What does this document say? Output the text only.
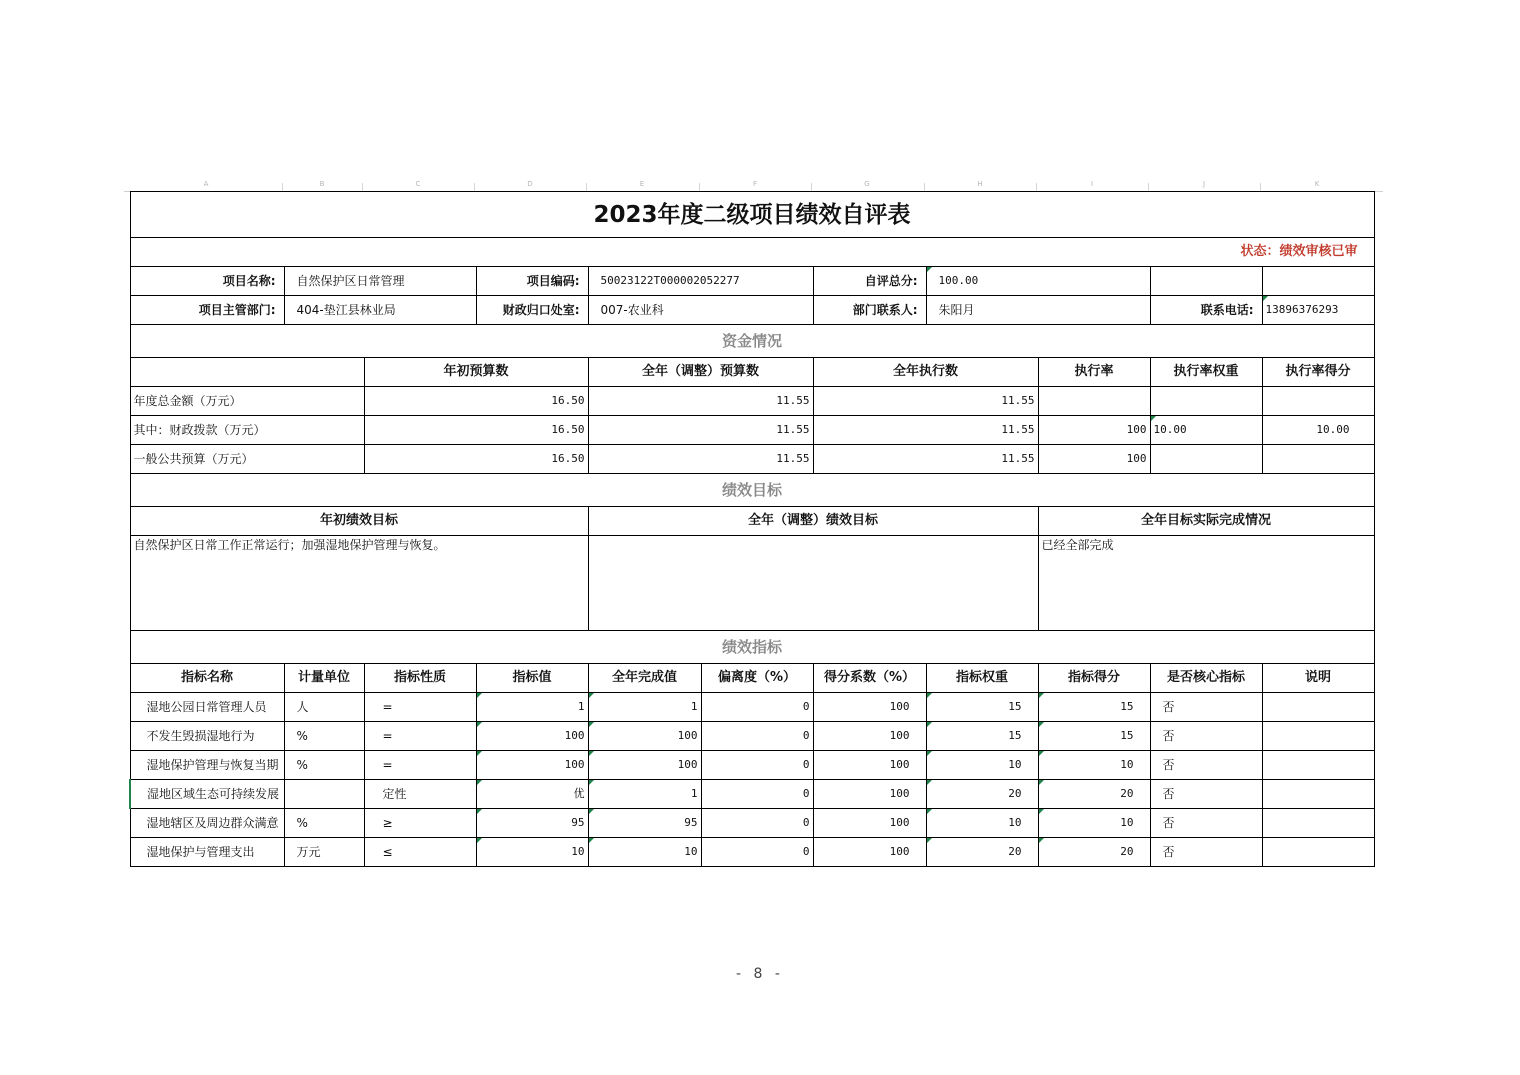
A	B	C	D	E	F	G	H	I	J	K
2023年度二级项目绩效自评表										
状态：绩效审核已审										
项目名称:	自然保护区日常管理		项目编码:	50023122T000002052277		自评总分:	100.00			
项目主管部门:	404-垫江县林业局		财政归口处室:	007-农业科		部门联系人:	朱阳月		联系电话:	13896376293
资金情况										
		年初预算数		全年（调整）预算数		全年执行数		执行率	执行率权重	执行率得分
年度总金额（万元）		16.50		11.55		11.55				
其中：财政拨款（万元）		16.50		11.55		11.55		100	10.00	10.00
一般公共预算（万元）		16.50		11.55		11.55		100		
绩效目标										
年初绩效目标				全年（调整）绩效目标				全年目标实际完成情况		
自然保护区日常工作正常运行；加强湿地保护管理与恢复。								已经全部完成		
绩效指标										
指标名称	计量单位	指标性质	指标值	全年完成值	偏离度（%）	得分系数（%）	指标权重	指标得分	是否核心指标	说明
湿地公园日常管理人员	人	=	1	1	0	100	15	15	否	
不发生毁损湿地行为	%	=	100	100	0	100	15	15	否	
湿地保护管理与恢复当期	%	=	100	100	0	100	10	10	否	
湿地区域生态可持续发展		定性	优	1	0	100	20	20	否	
湿地辖区及周边群众满意	%	≥	95	95	0	100	10	10	否	
湿地保护与管理支出	万元	≤	10	10	0	100	20	20	否	
- 8 -
